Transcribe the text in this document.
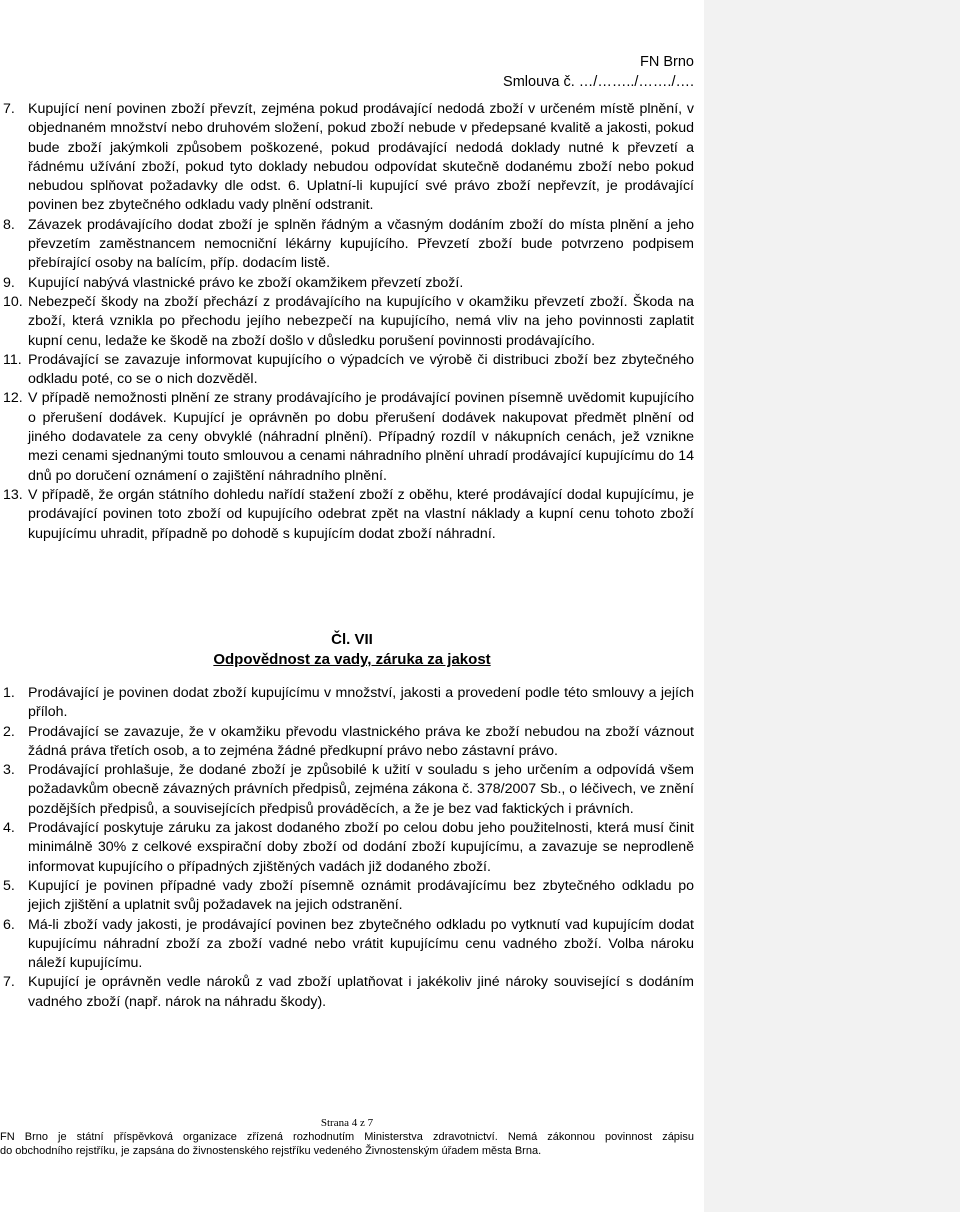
FN Brno
Smlouva č. …/……../……./….
7. Kupující není povinen zboží převzít, zejména pokud prodávající nedodá zboží v určeném místě plnění, v objednaném množství nebo druhovém složení, pokud zboží nebude v předepsané kvalitě a jakosti, pokud bude zboží jakýmkoli způsobem poškozené, pokud prodávající nedodá doklady nutné k převzetí a řádnému užívání zboží, pokud tyto doklady nebudou odpovídat skutečně dodanému zboží nebo pokud nebudou splňovat požadavky dle odst. 6. Uplatní-li kupující své právo zboží nepřevzít, je prodávající povinen bez zbytečného odkladu vady plnění odstranit.
8. Závazek prodávajícího dodat zboží je splněn řádným a včasným dodáním zboží do místa plnění a jeho převzetím zaměstnancem nemocniční lékárny kupujícího. Převzetí zboží bude potvrzeno podpisem přebírající osoby na balícím, příp. dodacím listě.
9. Kupující nabývá vlastnické právo ke zboží okamžikem převzetí zboží.
10. Nebezpečí škody na zboží přechází z prodávajícího na kupujícího v okamžiku převzetí zboží. Škoda na zboží, která vznikla po přechodu jejího nebezpečí na kupujícího, nemá vliv na jeho povinnosti zaplatit kupní cenu, ledaže ke škodě na zboží došlo v důsledku porušení povinnosti prodávajícího.
11. Prodávající se zavazuje informovat kupujícího o výpadcích ve výrobě či distribuci zboží bez zbytečného odkladu poté, co se o nich dozvěděl.
12. V případě nemožnosti plnění ze strany prodávajícího je prodávající povinen písemně uvědomit kupujícího o přerušení dodávek. Kupující je oprávněn po dobu přerušení dodávek nakupovat předmět plnění od jiného dodavatele za ceny obvyklé (náhradní plnění). Případný rozdíl v nákupních cenách, jež vznikne mezi cenami sjednanými touto smlouvou a cenami náhradního plnění uhradí prodávající kupujícímu do 14 dnů po doručení oznámení o zajištění náhradního plnění.
13. V případě, že orgán státního dohledu nařídí stažení zboží z oběhu, které prodávající dodal kupujícímu, je prodávající povinen toto zboží od kupujícího odebrat zpět na vlastní náklady a kupní cenu tohoto zboží kupujícímu uhradit, případně po dohodě s kupujícím dodat zboží náhradní.
Čl. VII
Odpovědnost za vady, záruka za jakost
1. Prodávající je povinen dodat zboží kupujícímu v množství, jakosti a provedení podle této smlouvy a jejích příloh.
2. Prodávající se zavazuje, že v okamžiku převodu vlastnického práva ke zboží nebudou na zboží váznout žádná práva třetích osob, a to zejména žádné předkupní právo nebo zástavní právo.
3. Prodávající prohlašuje, že dodané zboží je způsobilé k užití v souladu s jeho určením a odpovídá všem požadavkům obecně závazných právních předpisů, zejména zákona č. 378/2007 Sb., o léčivech, ve znění pozdějších předpisů, a souvisejících předpisů prováděcích, a že je bez vad faktických i právních.
4. Prodávající poskytuje záruku za jakost dodaného zboží po celou dobu jeho použitelnosti, která musí činit minimálně 30% z celkové exspirační doby zboží od dodání zboží kupujícímu, a zavazuje se neprodleně informovat kupujícího o případných zjištěných vadách již dodaného zboží.
5. Kupující je povinen případné vady zboží písemně oznámit prodávajícímu bez zbytečného odkladu po jejich zjištění a uplatnit svůj požadavek na jejich odstranění.
6. Má-li zboží vady jakosti, je prodávající povinen bez zbytečného odkladu po vytknutí vad kupujícím dodat kupujícímu náhradní zboží za zboží vadné nebo vrátit kupujícímu cenu vadného zboží. Volba nároku náleží kupujícímu.
7. Kupující je oprávněn vedle nároků z vad zboží uplatňovat i jakékoliv jiné nároky související s dodáním vadného zboží (např. nárok na náhradu škody).
Strana 4 z 7
FN Brno je státní příspěvková organizace zřízená rozhodnutím Ministerstva zdravotnictví. Nemá zákonnou povinnost zápisu
do obchodního rejstříku, je zapsána do živnostenského rejstříku vedeného Živnostenským úřadem města Brna.
